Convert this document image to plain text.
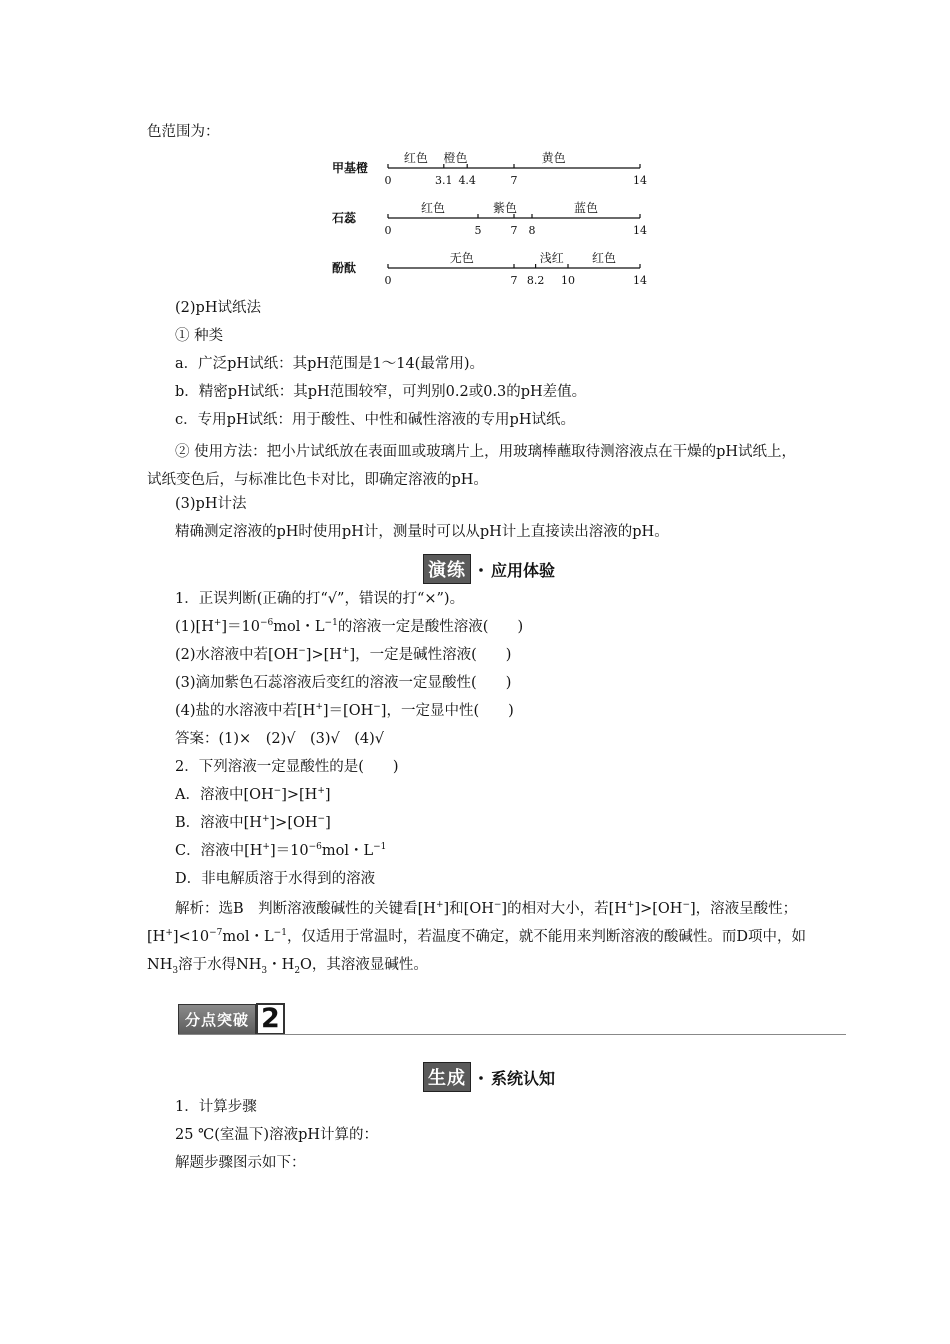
色范围为：
甲基橙
0	3.1 4.4	7	14
红色 橙色	黄色
石蕊
0	5	7 8	14
红色	紫色	蓝色
酚酞
0	7 8.2 10	14
无色	浅红 红色
(2)pH试纸法
① 种类
a．广泛pH试纸：其pH范围是1～14(最常用)。
b．精密pH试纸：其pH范围较窄，可判别0.2或0.3的pH差值。
c．专用pH试纸：用于酸性、中性和碱性溶液的专用pH试纸。
② 使用方法：把小片试纸放在表面皿或玻璃片上，用玻璃棒蘸取待测溶液点在干燥的pH试纸上，试纸变色后，与标准比色卡对比，即确定溶液的pH。
(3)pH计法
精确测定溶液的pH时使用pH计，测量时可以从pH计上直接读出溶液的pH。
演练 ・ 应用体验
1．正误判断(正确的打“√”，错误的打“×”)。
$(1)[H^+]=10^{-6}mol$・$L^{-1}$的溶液一定是酸性溶液(　　)
(2)水溶液中若[OH−]>[H+]，一定是碱性溶液(　　)
(3)滴加紫色石蕊溶液后变红的溶液一定显酸性(　　)
(4)盐的水溶液中若[H+]＝[OH−]，一定显中性(　　)
答案：(1)×　(2)√　(3)√　(4)√
2．下列溶液一定显酸性的是(　　)
A．溶液中[OH−]>[H+]
B．溶液中[H+]>[OH−]
C．溶液中$[H^+]=10^{-6}mol$・$L^{-1}$
D．非电解质溶于水得到的溶液
解析：选B　判断溶液酸碱性的关键看[H+]和[OH−]的相对大小，若[H+]>[OH−]，溶液呈酸性；$[H^+]<10^{-7}mol$・$L^{-1}$，仅适用于常温时，若温度不确定，就不能用来判断溶液的酸碱性。而D项中，如$NH_3$溶于水得$NH_3$・$H_2O$，其溶液显碱性。
分点突破 2
生成 ・ 系统认知
1．计算步骤
25 ℃(室温下)溶液pH计算的：
解题步骤图示如下：
